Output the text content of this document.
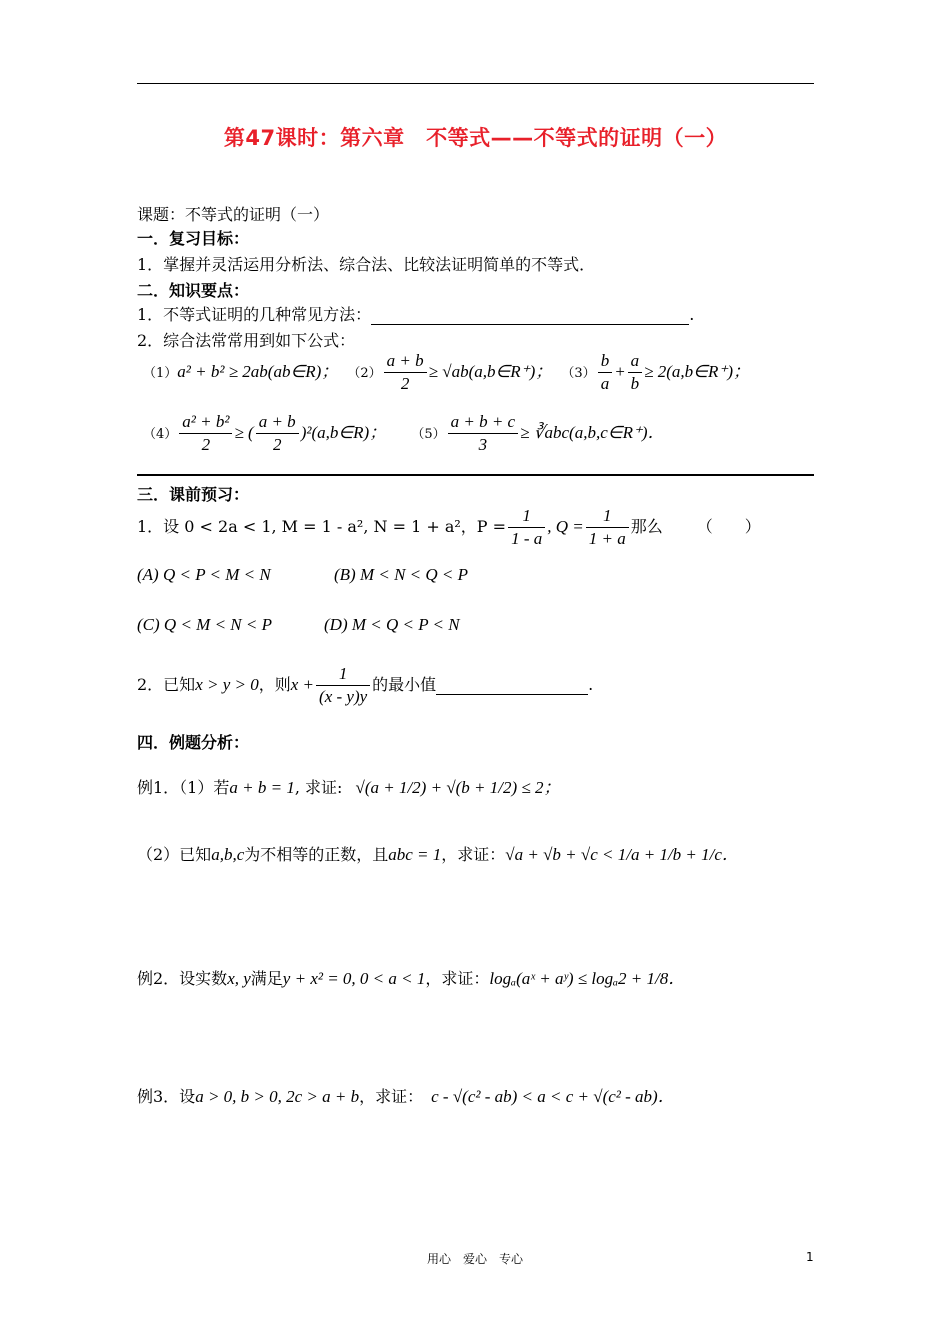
第47课时：第六章　不等式——不等式的证明（一）
课题：不等式的证明（一）
一．复习目标：
1．掌握并灵活运用分析法、综合法、比较法证明简单的不等式．
二．知识要点：
1．不等式证明的几种常见方法：	.
2．综合法常常用到如下公式：
（1）a² + b² ≥ 2ab(ab∈R)； $(2) \frac{a + b}{2}$ ≥ √ab(a,b∈R⁺)； $(3) \frac{b}{a} + \frac{a}{b}$ ≥ 2(a,b∈R⁺)；
$(4) \frac{\text{a² + b²}}{2}$ ≥ ( $\frac{a + b}{2}$ )²(a,b∈R)； $(5) \frac{a + b + c}{3}$ ≥ ∛abc(a,b,c∈R⁺)．
三．课前预习：
1．设 0 < 2a < 1, M = 1 - a², N = 1 + a²，$P = \frac{1}{1 - a}$ , $Q = \frac{1}{1 + a}$ 那么 （　　）
(A) Q < P < M < N	(B) M < N < Q < P
(C) Q < M < N < P	(D) M < Q < P < N
2．已知x > y > 0，则$x + \frac{1}{(x - y)y}$ 的最小值	.
四．例题分析：
例1．（1）若a + b = 1, 求证: √(a + 1/2) + √(b + 1/2) ≤ 2；
（2）已知a,b,c为不相等的正数，且abc = 1，求证：√a + √b + √c < 1/a + 1/b + 1/c．
例2．设实数x, y满足y + x² = 0, 0 < a < 1，求证：logₐ(aˣ + aʸ) ≤ logₐ2 + 1/8．
例3．设a > 0, b > 0, 2c > a + b，求证： c - √(c² - ab) < a < c + √(c² - ab)．
用心　爱心　专心	1
